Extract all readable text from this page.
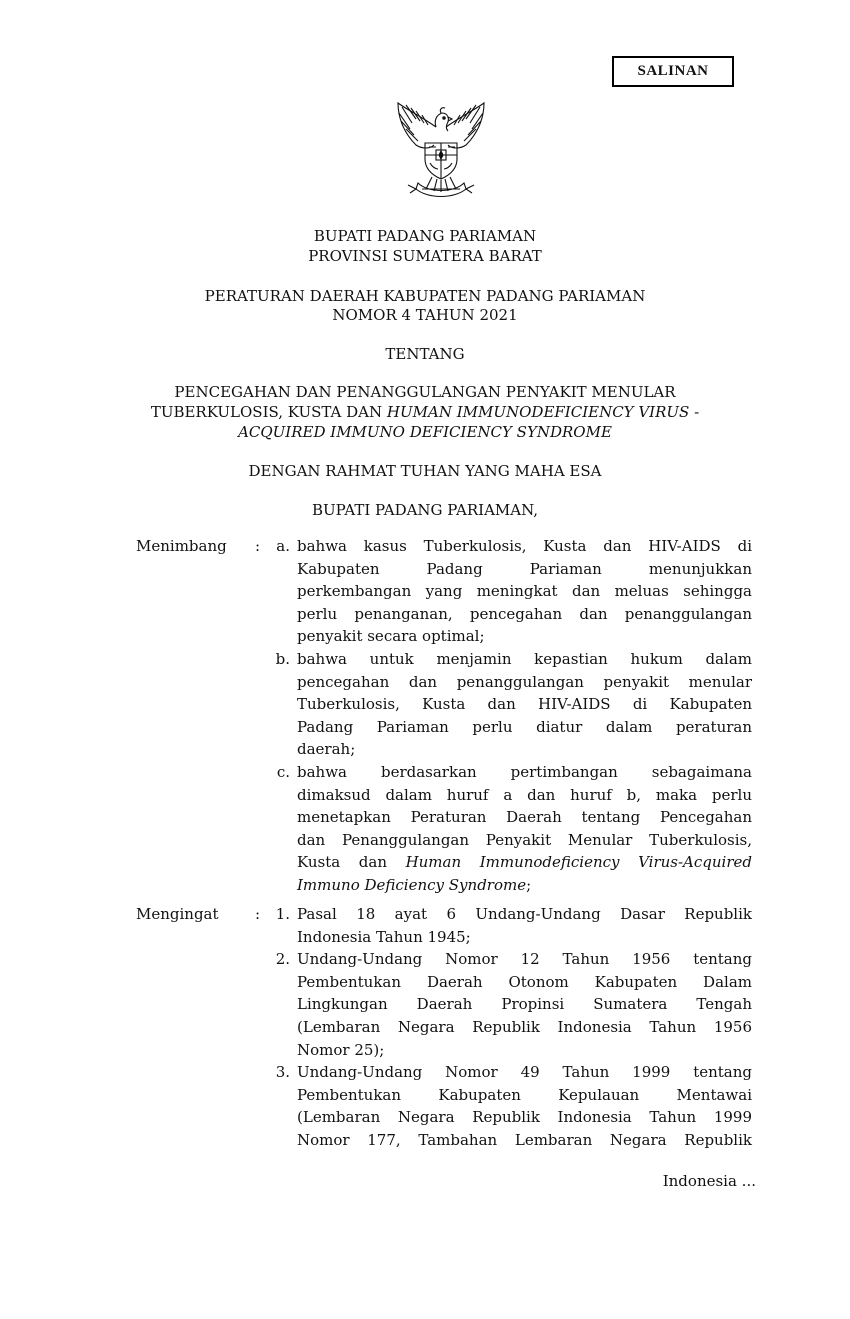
SALINAN
BUPATI PADANG PARIAMAN
PROVINSI SUMATERA BARAT
PERATURAN DAERAH KABUPATEN PADANG PARIAMAN
NOMOR 4 TAHUN 2021
TENTANG
PENCEGAHAN DAN PENANGGULANGAN PENYAKIT MENULAR
TUBERKULOSIS, KUSTA DAN HUMAN IMMUNODEFICIENCY VIRUS -
ACQUIRED IMMUNO DEFICIENCY SYNDROME
DENGAN RAHMAT TUHAN YANG MAHA ESA
BUPATI PADANG PARIAMAN,
Menimbang :	a. bahwa kasus Tuberkulosis, Kusta dan HIV-AIDS di
Kabupaten Padang Pariaman menunjukkan
perkembangan yang meningkat dan meluas sehingga
perlu penanganan, pencegahan dan penanggulangan
penyakit secara optimal;
b. bahwa untuk menjamin kepastian hukum dalam
pencegahan dan penanggulangan penyakit menular
Tuberkulosis, Kusta dan HIV-AIDS di Kabupaten
Padang Pariaman perlu diatur dalam peraturan
daerah;
c. bahwa berdasarkan pertimbangan sebagaimana
dimaksud dalam huruf a dan huruf b, maka perlu
menetapkan Peraturan Daerah tentang Pencegahan
dan Penanggulangan Penyakit Menular Tuberkulosis,
Kusta dan Human Immunodeficiency Virus-Acquired
Immuno Deficiency Syndrome;
Mengingat :	1. Pasal 18 ayat 6 Undang-Undang Dasar Republik
Indonesia Tahun 1945;
2. Undang-Undang Nomor 12 Tahun 1956 tentang
Pembentukan Daerah Otonom Kabupaten Dalam
Lingkungan Daerah Propinsi Sumatera Tengah
(Lembaran Negara Republik Indonesia Tahun 1956
Nomor 25);
3. Undang-Undang Nomor 49 Tahun 1999 tentang
Pembentukan Kabupaten Kepulauan Mentawai
(Lembaran Negara Republik Indonesia Tahun 1999
Nomor 177, Tambahan Lembaran Negara Republik
Indonesia ...
